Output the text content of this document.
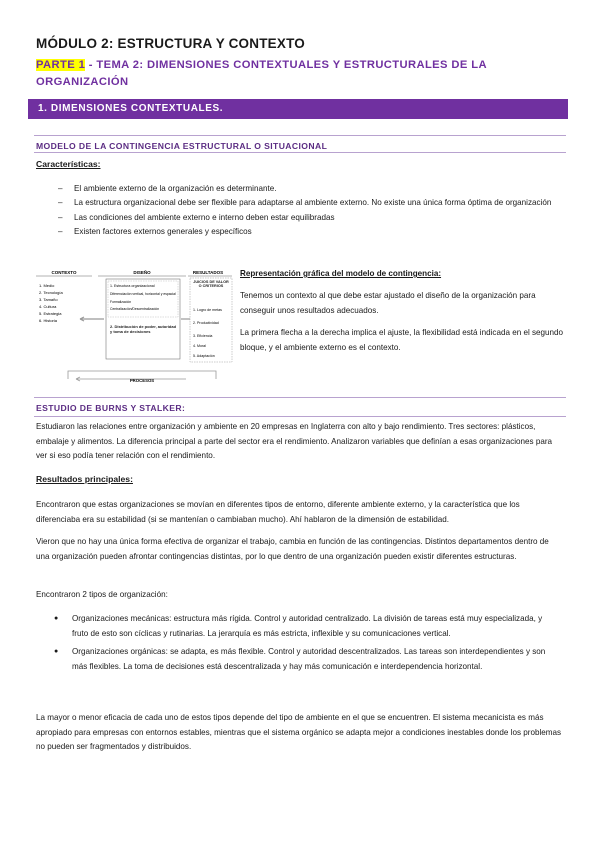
MÓDULO 2: ESTRUCTURA Y CONTEXTO
PARTE 1 - TEMA 2: DIMENSIONES CONTEXTUALES Y ESTRUCTURALES DE LA ORGANIZACIÓN
1. DIMENSIONES CONTEXTUALES.
MODELO DE LA CONTINGENCIA ESTRUCTURAL O SITUACIONAL
Características:
– El ambiente externo de la organización es determinante.
– La estructura organizacional debe ser flexible para adaptarse al ambiente externo. No existe una única forma óptima de organización
– Las condiciones del ambiente externo e interno deben estar equilibradas
– Existen factores externos generales y específicos
CONTEXTO	DISEÑO	RESULTADOS
1. Medio
2. Tecnología
3. Tamaño
4. Cultura
5. Estrategia
6. Historia
1. Estructura organizacional
Diferenciación vertical, horizontal y espacial
Formalización
Centralización/Descentralización
2. Distribución de poder, autoridad y toma de decisiones
JUICIOS DE VALOR O CRITERIOS
1. Logro de metas
2. Productividad
3. Eficiencia
4. Moral
5. Adaptación
PROCESOS
Representación gráfica del modelo de contingencia:
Tenemos un contexto al que debe estar ajustado el diseño de la organización para conseguir unos resultados adecuados.
La primera flecha a la derecha implica el ajuste, la flexibilidad está indicada en el segundo bloque, y el ambiente externo es el contexto.
ESTUDIO DE BURNS Y STALKER:
Estudiaron las relaciones entre organización y ambiente en 20 empresas en Inglaterra con alto y bajo rendimiento. Tres sectores: plásticos, embalaje y alimentos. La diferencia principal a parte del sector era el rendimiento. Analizaron variables que definían a esas organizaciones para ver si eso podía tener relación con el rendimiento.
Resultados principales:
Encontraron que estas organizaciones se movían en diferentes tipos de entorno, diferente ambiente externo, y la característica que los diferenciaba era su estabilidad (si se mantenían o cambiaban mucho). Ahí hablaron de la dimensión de estabilidad.
Vieron que no hay una única forma efectiva de organizar el trabajo, cambia en función de las contingencias. Distintos departamentos dentro de una organización pueden afrontar contingencias distintas, por lo que dentro de una organización pueden existir diferentes estructuras.
Encontraron 2 tipos de organización:
● Organizaciones mecánicas: estructura más rígida. Control y autoridad centralizado. La división de tareas está muy especializada, y fruto de esto son cíclicas y rutinarias. La jerarquía es más estricta, inflexible y su comunicaciones vertical.
● Organizaciones orgánicas: se adapta, es más flexible. Control y autoridad descentralizados. Las tareas son interdependientes y son más flexibles. La toma de decisiones está descentralizada y hay más comunicación e interdependencia horizontal.
La mayor o menor eficacia de cada uno de estos tipos depende del tipo de ambiente en el que se encuentren. El sistema mecanicista es más apropiado para empresas con entornos estables, mientras que el sistema orgánico se adapta mejor a condiciones inestables donde los problemas no pueden ser fragmentados y distribuidos.
